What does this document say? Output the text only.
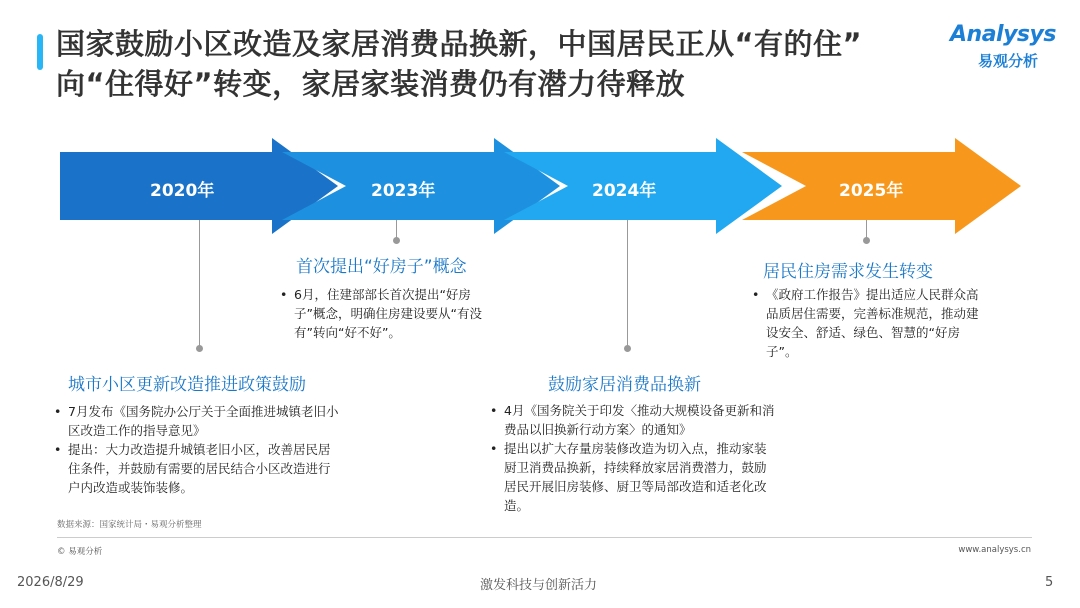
国家鼓励小区改造及家居消费品换新，中国居民正从“有的住”
向“住得好”转变，家居家装消费仍有潜力待释放
Analysys
易观分析
2020年	2023年	2024年	2025年
首次提出“好房子”概念
• 6月，住建部部长首次提出“好房子”概念，明确住房建设要从“有没有”转向“好不好”。
居民住房需求发生转变
• 《政府工作报告》提出适应人民群众高品质居住需要，完善标准规范，推动建设安全、舒适、绿色、智慧的“好房子”。
城市小区更新改造推进政策鼓励
• 7月发布《国务院办公厅关于全面推进城镇老旧小区改造工作的指导意见》
• 提出：大力改造提升城镇老旧小区，改善居民居住条件，并鼓励有需要的居民结合小区改造进行户内改造或装饰装修。
鼓励家居消费品换新
• 4月《国务院关于印发〈推动大规模设备更新和消费品以旧换新行动方案〉的通知》
• 提出以扩大存量房装修改造为切入点，推动家装厨卫消费品换新，持续释放家居消费潜力，鼓励居民开展旧房装修、厨卫等局部改造和适老化改造。
数据来源：国家统计局・易观分析整理
© 易观分析	www.analysys.cn
2026/8/29	激发科技与创新活力	5
